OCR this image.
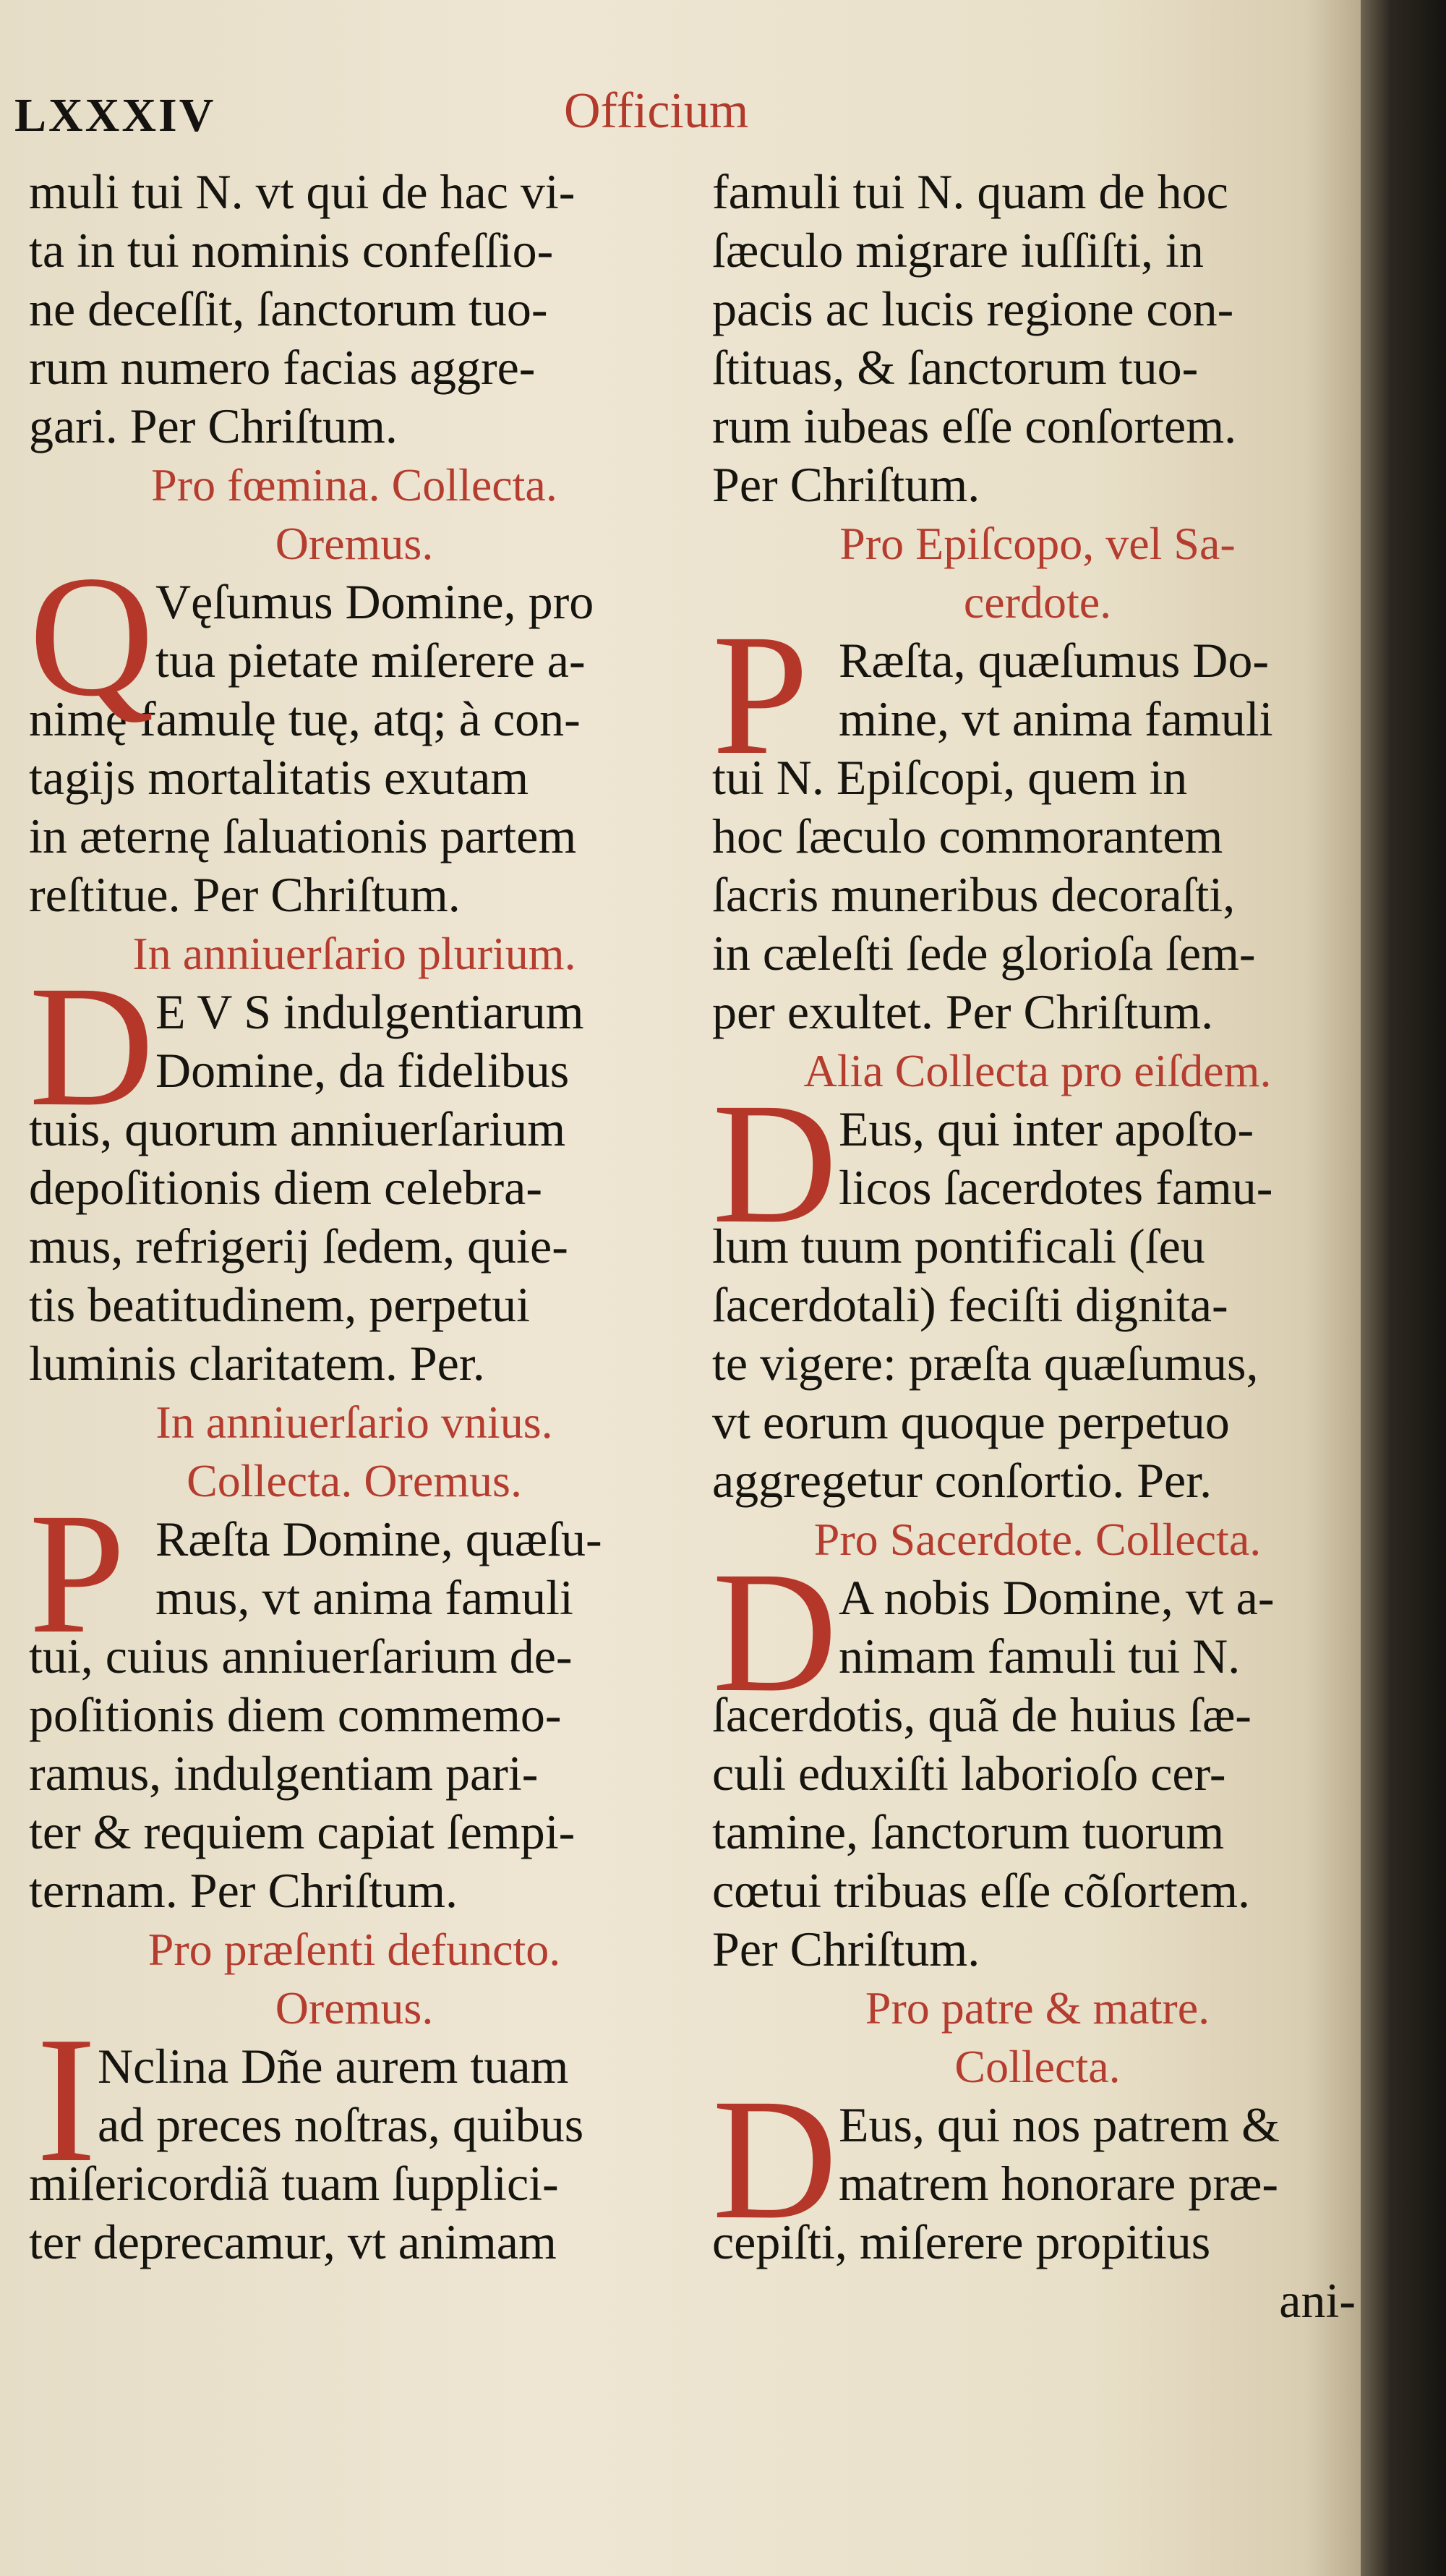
LXXXIV	Officium
muli tui N. vt qui de hac vi-
ta in tui nominis confeſſio-
ne deceſſit, ſanctorum tuo-
rum numero facias aggre-
gari. Per Chriſtum.
Pro fœmina. Collecta.
Oremus.
Q Vęſumus Domine, pro
tua pietate miſerere a-
nimę famulę tuę, atq; à con-
tagijs mortalitatis exutam
in æternę ſaluationis partem
reſtitue. Per Chriſtum.
In anniuerſario plurium.
D E V S indulgentiarum
Domine, da fidelibus
tuis, quorum anniuerſarium
depoſitionis diem celebra-
mus, refrigerij ſedem, quie-
tis beatitudinem, perpetui
luminis claritatem. Per.
In anniuerſario vnius.
Collecta. Oremus.
P Ræſta Domine, quæſu-
mus, vt anima famuli
tui, cuius anniuerſarium de-
poſitionis diem commemo-
ramus, indulgentiam pari-
ter & requiem capiat ſempi-
ternam. Per Chriſtum.
Pro præſenti defuncto.
Oremus.
I Nclina Dñe aurem tuam
ad preces noſtras, quibus
miſericordiã tuam ſupplici-
ter deprecamur, vt animam
famuli tui N. quam de hoc
ſæculo migrare iuſſiſti, in
pacis ac lucis regione con-
ſtituas, & ſanctorum tuo-
rum iubeas eſſe conſortem.
Per Chriſtum.
Pro Epiſcopo, vel Sa-
cerdote.
P Ræſta, quæſumus Do-
mine, vt anima famuli
tui N. Epiſcopi, quem in
hoc ſæculo commorantem
ſacris muneribus decoraſti,
in cæleſti ſede glorioſa ſem-
per exultet. Per Chriſtum.
Alia Collecta pro eiſdem.
D Eus, qui inter apoſto-
licos ſacerdotes famu-
lum tuum pontificali (ſeu
ſacerdotali) feciſti dignita-
te vigere: præſta quæſumus,
vt eorum quoque perpetuo
aggregetur conſortio. Per.
Pro Sacerdote. Collecta.
D A nobis Domine, vt a-
nimam famuli tui N.
ſacerdotis, quã de huius ſæ-
culi eduxiſti laborioſo cer-
tamine, ſanctorum tuorum
cœtui tribuas eſſe cõſortem.
Per Chriſtum.
Pro patre & matre.
Collecta.
D Eus, qui nos patrem &
matrem honorare præ-
cepiſti, miſerere propitius
ani-
